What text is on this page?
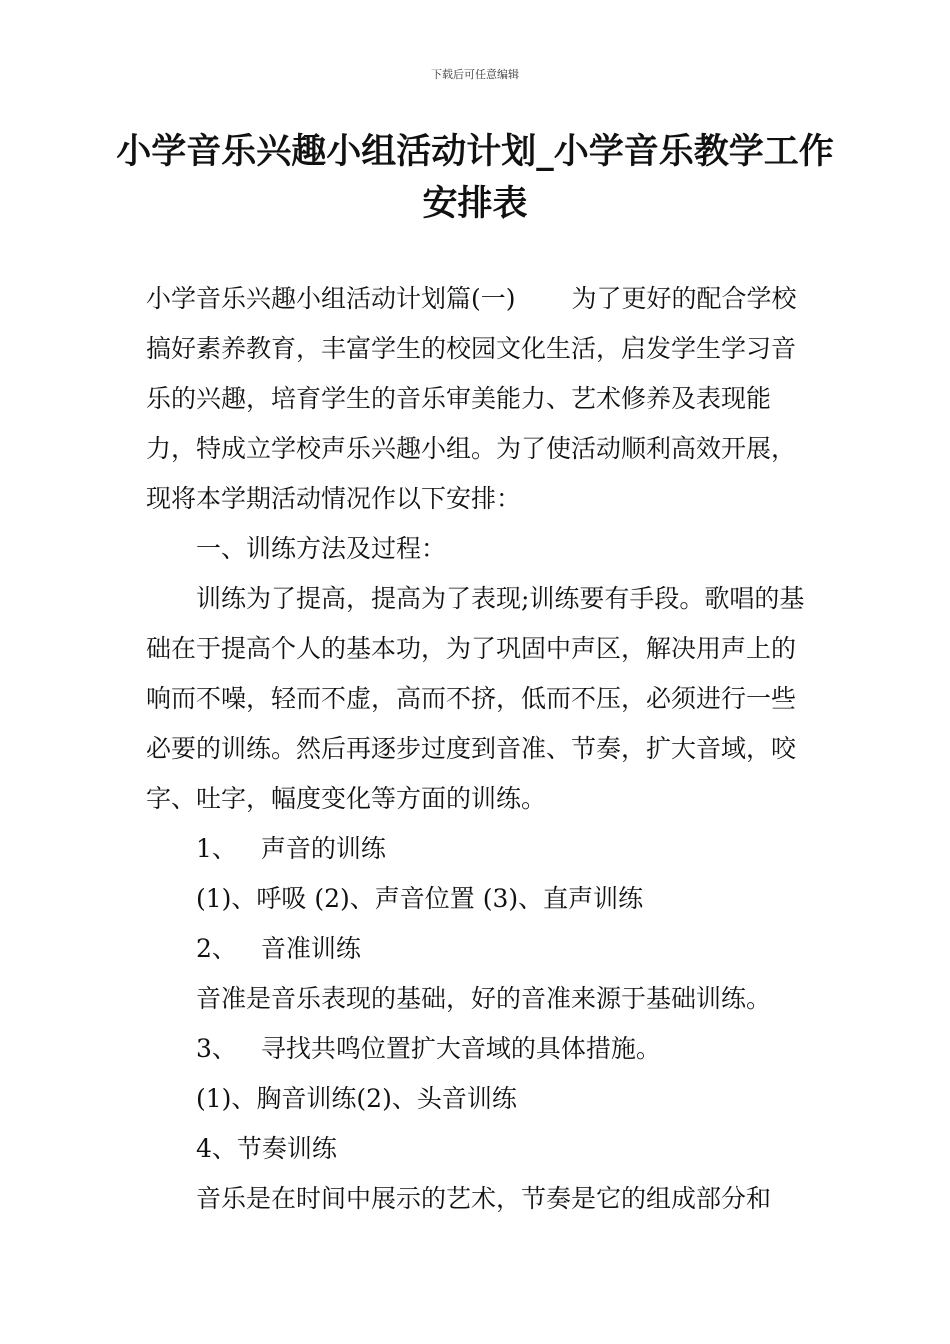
下载后可任意编辑
小学音乐兴趣小组活动计划_小学音乐教学工作安排表

小学音乐兴趣小组活动计划篇(一) 为了更好的配合学校搞好素养教育，丰富学生的校园文化生活，启发学生学习音乐的兴趣，培育学生的音乐审美能力、艺术修养及表现能力，特成立学校声乐兴趣小组。为了使活动顺利高效开展，现将本学期活动情况作以下安排：

一、训练方法及过程：

训练为了提高，提高为了表现;训练要有手段。歌唱的基础在于提高个人的基本功，为了巩固中声区，解决用声上的响而不噪，轻而不虚，高而不挤，低而不压，必须进行一些必要的训练。然后再逐步过度到音准、节奏，扩大音域，咬字、吐字，幅度变化等方面的训练。

1、 声音的训练

(1)、呼吸 (2)、声音位置 (3)、直声训练

2、 音准训练

音准是音乐表现的基础，好的音准来源于基础训练。

3、 寻找共鸣位置扩大音域的具体措施。

(1)、胸音训练(2)、头音训练

4、节奏训练

音乐是在时间中展示的艺术，节奏是它的组成部分和
